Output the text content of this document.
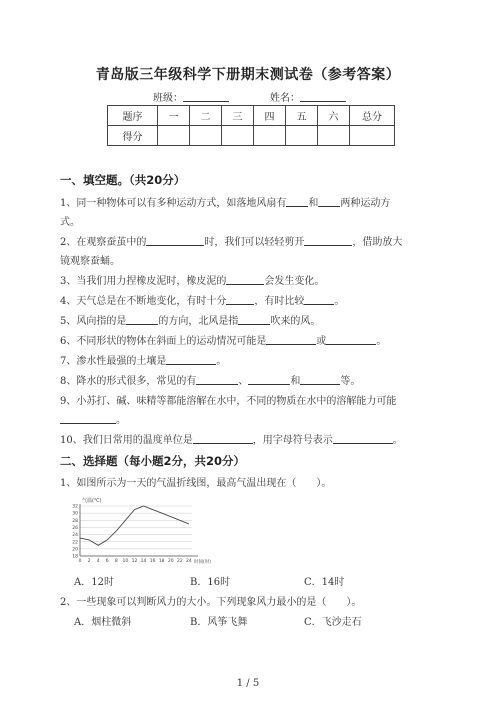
青岛版三年级科学下册期末测试卷（参考答案）
班级：	姓名：
题序	一	二	三	四	五	六	总分
得分							
一、填空题。（共20分）
1、同一种物体可以有多种运动方式，如落地风扇有 和 两种运动方
式。
2、在观察蚕茧中的	时，我们可以轻轻剪开	，借助放大
镜观察蚕蛹。
3、当我们用力捏橡皮泥时，橡皮泥的	会发生变化。
4、天气总是在不断地变化，有时十分	，有时比较	。
5、风向指的是	的方向，北风是指	吹来的风。
6、不同形状的物体在斜面上的运动情况可能是	或	。
7、渗水性最强的土壤是	。
8、降水的形式很多，常见的有	、	和	等。
9、小苏打、碱、味精等都能溶解在水中，不同的物质在水中的溶解能力可能
。
10、我们日常用的温度单位是	，用字母符号表示	。
二、选择题（每小题2分，共20分）
1、如图所示为一天的气温折线图，最高气温出现在（　　）。
气温(℃)
时间(时)
18
20
22
24
26
28
30
32
0 2 4 6 8 10 12 14 16 18 20 22 24
A．12时	B．16时	C．14时
2、一些现象可以判断风力的大小。下列现象风力最小的是（　　）。
A．烟柱微斜	B．风筝飞舞	C．飞沙走石
1 / 5
